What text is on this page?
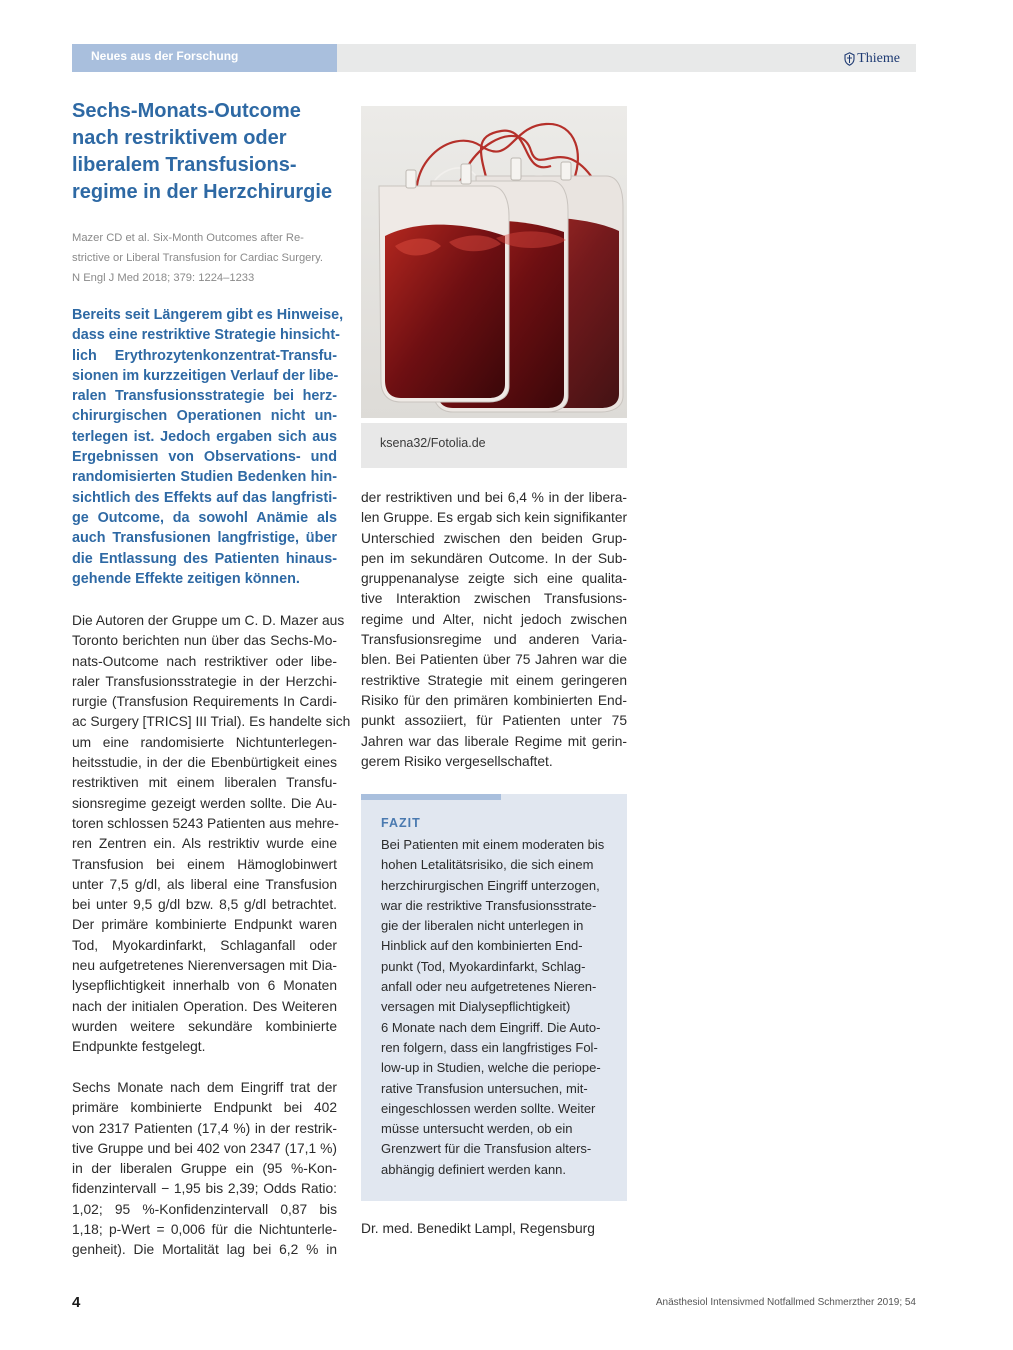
Neues aus der Forschung	Thieme
Sechs-Monats-Outcome
nach restriktivem oder
liberalem Transfusions-
regime in der Herzchirurgie
Mazer CD et al. Six-Month Outcomes after Re-
strictive or Liberal Transfusion for Cardiac Surgery.
N Engl J Med 2018; 379: 1224–1233
Bereits seit Längerem gibt es Hinweise,
dass eine restriktive Strategie hinsicht-
lich Erythrozytenkonzentrat-Transfu-
sionen im kurzzeitigen Verlauf der libe-
ralen Transfusionsstrategie bei herz-
chirurgischen Operationen nicht un-
terlegen ist. Jedoch ergaben sich aus
Ergebnissen von Observations- und
randomisierten Studien Bedenken hin-
sichtlich des Effekts auf das langfristi-
ge Outcome, da sowohl Anämie als
auch Transfusionen langfristige, über
die Entlassung des Patienten hinaus-
gehende Effekte zeitigen können.
Die Autoren der Gruppe um C. D. Mazer aus
Toronto berichten nun über das Sechs-Mo-
nats-Outcome nach restriktiver oder libe-
raler Transfusionsstrategie in der Herzchi-
rurgie (Transfusion Requirements In Cardi-
ac Surgery [TRICS] III Trial). Es handelte sich
um eine randomisierte Nichtunterlegen-
heitsstudie, in der die Ebenbürtigkeit eines
restriktiven mit einem liberalen Transfu-
sionsregime gezeigt werden sollte. Die Au-
toren schlossen 5243 Patienten aus mehre-
ren Zentren ein. Als restriktiv wurde eine
Transfusion bei einem Hämoglobinwert
unter 7,5 g/dl, als liberal eine Transfusion
bei unter 9,5 g/dl bzw. 8,5 g/dl betrachtet.
Der primäre kombinierte Endpunkt waren
Tod, Myokardinfarkt, Schlaganfall oder
neu aufgetretenes Nierenversagen mit Dia-
lysepflichtigkeit innerhalb von 6 Monaten
nach der initialen Operation. Des Weiteren
wurden weitere sekundäre kombinierte
Endpunkte festgelegt.
Sechs Monate nach dem Eingriff trat der
primäre kombinierte Endpunkt bei 402
von 2317 Patienten (17,4 %) in der restrik-
tive Gruppe und bei 402 von 2347 (17,1 %)
in der liberalen Gruppe ein (95 %-Kon-
fidenzintervall − 1,95 bis 2,39; Odds Ratio:
1,02; 95 %-Konfidenzintervall 0,87 bis
1,18; p-Wert = 0,006 für die Nichtunterle-
genheit). Die Mortalität lag bei 6,2 % in
ksena32/Fotolia.de
der restriktiven und bei 6,4 % in der libera-
len Gruppe. Es ergab sich kein signifikanter
Unterschied zwischen den beiden Grup-
pen im sekundären Outcome. In der Sub-
gruppenanalyse zeigte sich eine qualita-
tive Interaktion zwischen Transfusions-
regime und Alter, nicht jedoch zwischen
Transfusionsregime und anderen Varia-
blen. Bei Patienten über 75 Jahren war die
restriktive Strategie mit einem geringeren
Risiko für den primären kombinierten End-
punkt assoziiert, für Patienten unter 75
Jahren war das liberale Regime mit gerin-
gerem Risiko vergesellschaftet.
FAZIT
Bei Patienten mit einem moderaten bis
hohen Letalitätsrisiko, die sich einem
herzchirurgischen Eingriff unterzogen,
war die restriktive Transfusionsstrate-
gie der liberalen nicht unterlegen in
Hinblick auf den kombinierten End-
punkt (Tod, Myokardinfarkt, Schlag-
anfall oder neu aufgetretenes Nieren-
versagen mit Dialysepflichtigkeit)
6 Monate nach dem Eingriff. Die Auto-
ren folgern, dass ein langfristiges Fol-
low-up in Studien, welche die periope-
rative Transfusion untersuchen, mit-
eingeschlossen werden sollte. Weiter
müsse untersucht werden, ob ein
Grenzwert für die Transfusion alters-
abhängig definiert werden kann.
Dr. med. Benedikt Lampl, Regensburg
4	Anästhesiol Intensivmed Notfallmed Schmerzther 2019; 54
